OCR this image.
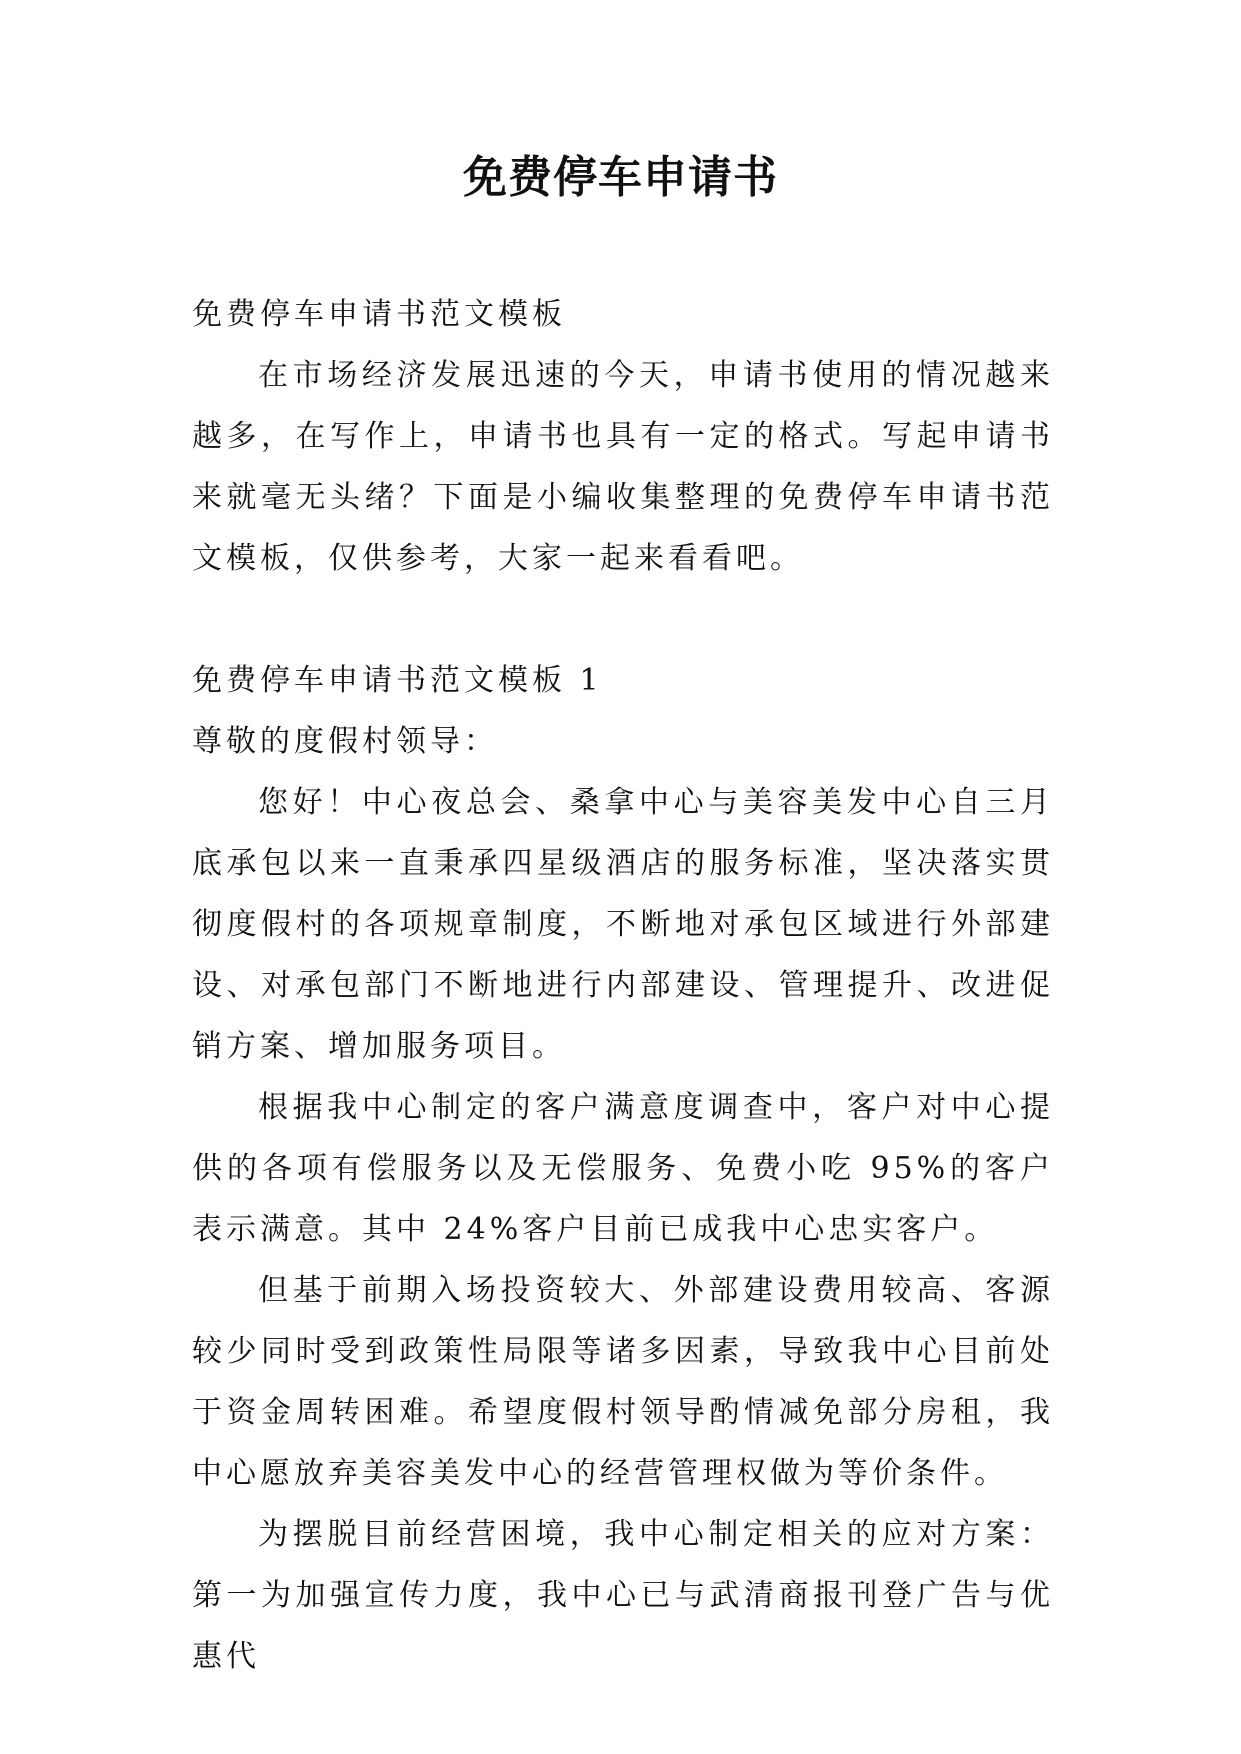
免费停车申请书

免费停车申请书范文模板

在市场经济发展迅速的今天，申请书使用的情况越来越多，在写作上，申请书也具有一定的格式。写起申请书来就毫无头绪？下面是小编收集整理的免费停车申请书范文模板，仅供参考，大家一起来看看吧。

免费停车申请书范文模板 1

尊敬的度假村领导：

您好！中心夜总会、桑拿中心与美容美发中心自三月底承包以来一直秉承四星级酒店的服务标准，坚决落实贯彻度假村的各项规章制度，不断地对承包区域进行外部建设、对承包部门不断地进行内部建设、管理提升、改进促销方案、增加服务项目。

根据我中心制定的客户满意度调查中，客户对中心提供的各项有偿服务以及无偿服务、免费小吃 95%的客户表示满意。其中 24%客户目前已成我中心忠实客户。

但基于前期入场投资较大、外部建设费用较高、客源较少同时受到政策性局限等诸多因素，导致我中心目前处于资金周转困难。希望度假村领导酌情减免部分房租，我中心愿放弃美容美发中心的经营管理权做为等价条件。

为摆脱目前经营困境，我中心制定相关的应对方案：第一为加强宣传力度，我中心已与武清商报刊登广告与优惠代
